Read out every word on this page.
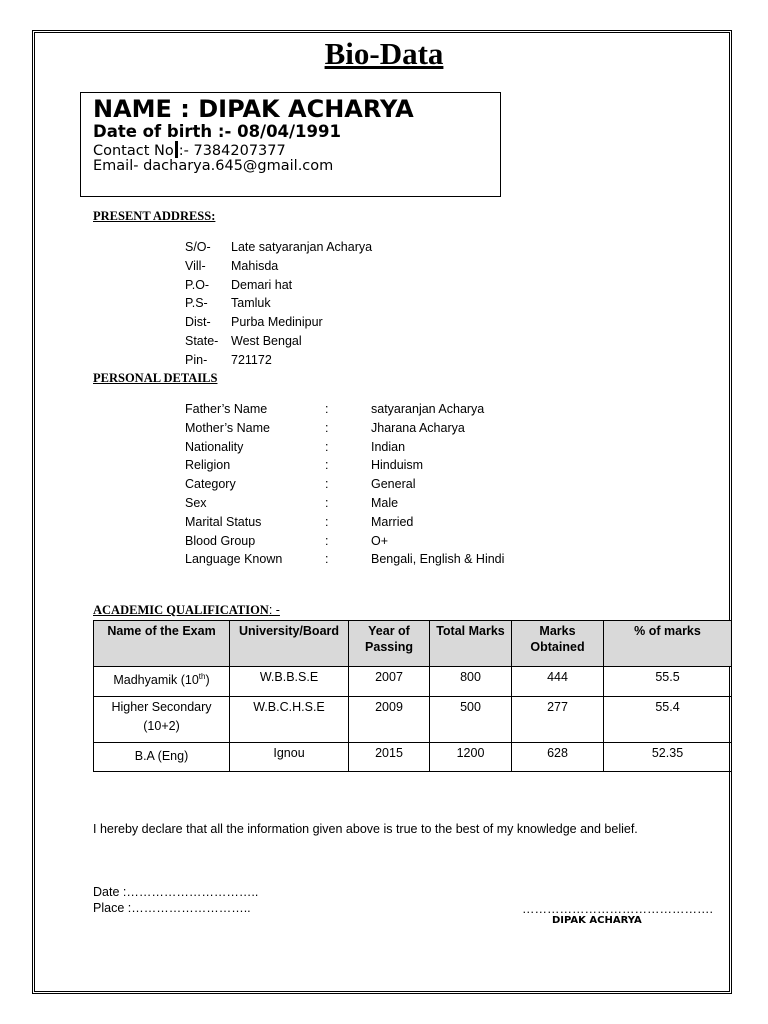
Bio-Data
NAME : DIPAK ACHARYA
Date of birth :- 08/04/1991
Contact No :- 7384207377
Email- dacharya.645@gmail.com
PRESENT ADDRESS:
S/O- Late satyaranjan Acharya
Vill- Mahisda
P.O- Demari hat
P.S- Tamluk
Dist- Purba Medinipur
State- West Bengal
Pin- 721172
PERSONAL DETAILS
Father’s Name	:	satyaranjan Acharya
Mother’s Name	:	Jharana Acharya
Nationality	:	Indian
Religion	:	Hinduism
Category	:	General
Sex	:	Male
Marital Status	:	Married
Blood Group	:	O+
Language Known	:	Bengali, English & Hindi
ACADEMIC QUALIFICATION: -
Name of the Exam	University/Board	Year of Passing	Total Marks	Marks Obtained	% of marks
Madhyamik (10th)	W.B.B.S.E	2007	800	444	55.5
Higher Secondary (10+2)	W.B.C.H.S.E	2009	500	277	55.4
B.A (Eng)	Ignou	2015	1200	628	52.35
I hereby declare that all the information given above is true to the best of my knowledge and belief.
Date :…………………………..
Place :………………………..	……………………………………….
DIPAK ACHARYA
